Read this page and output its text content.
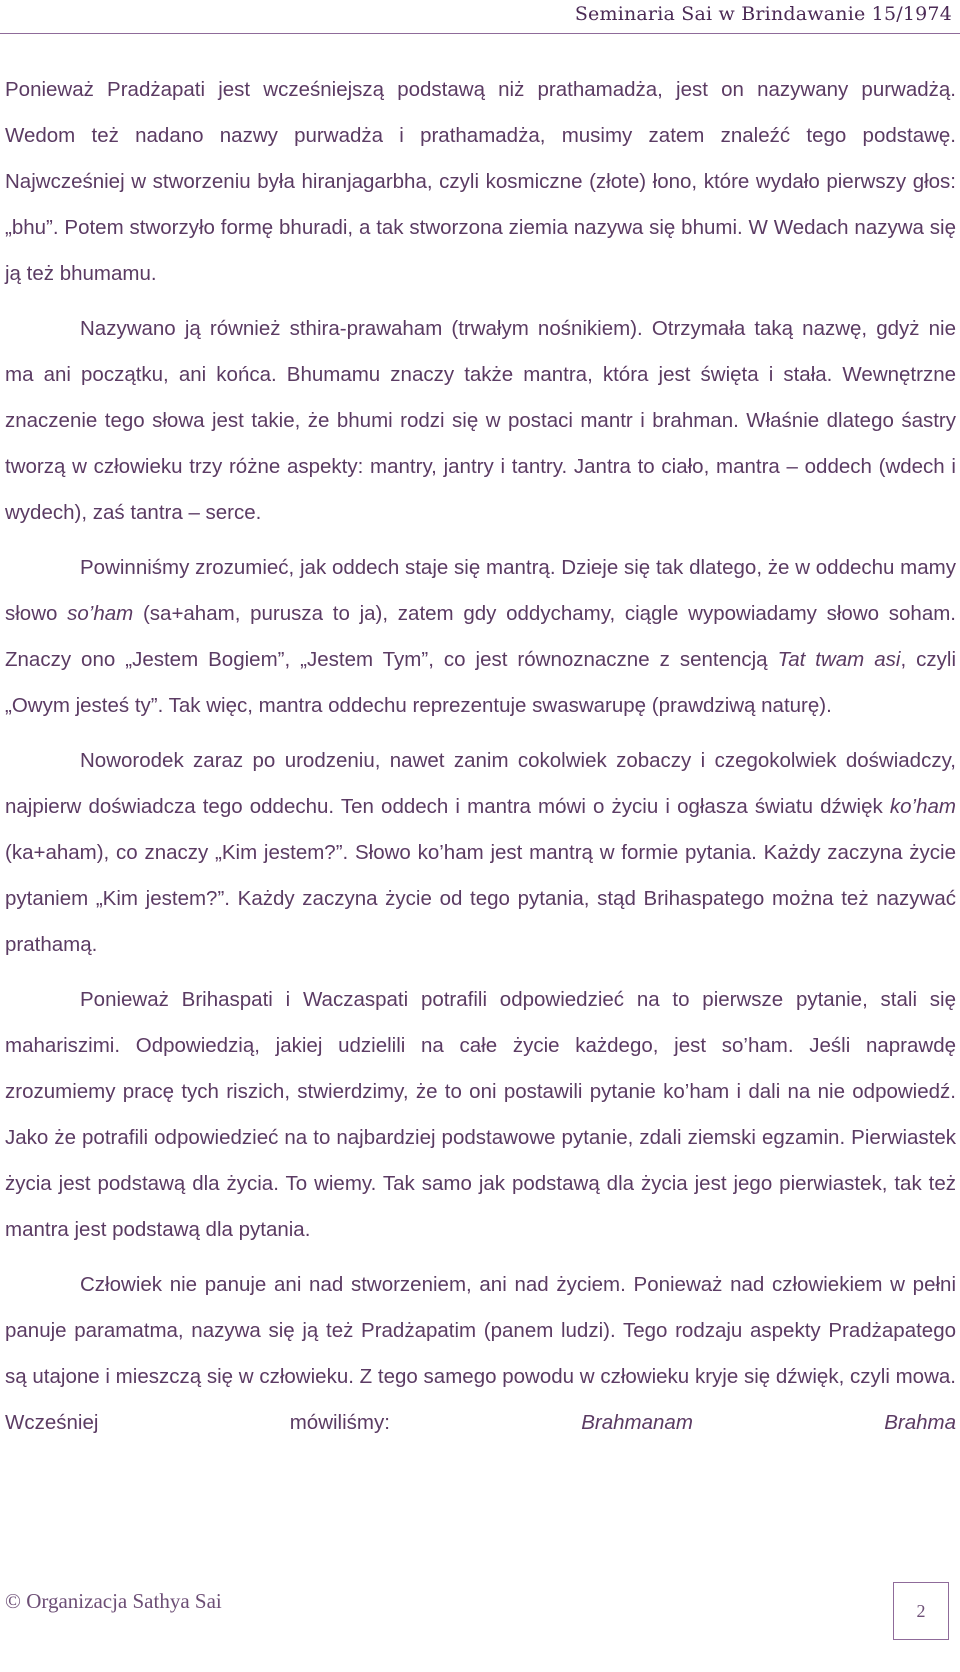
Seminaria Sai w Brindawanie 15/1974

Ponieważ Pradżapati jest wcześniejszą podstawą niż prathamadża, jest on nazywany purwadżą. Wedom też nadano nazwy purwadża i prathamadża, musimy zatem znaleźć tego podstawę. Najwcześniej w stworzeniu była hiranjagarbha, czyli kosmiczne (złote) łono, które wydało pierwszy głos: „bhu”. Potem stworzyło formę bhuradi, a tak stworzona ziemia nazywa się bhumi. W Wedach nazywa się ją też bhumamu.

Nazywano ją również sthira-prawaham (trwałym nośnikiem). Otrzymała taką nazwę, gdyż nie ma ani początku, ani końca. Bhumamu znaczy także mantra, która jest święta i stała. Wewnętrzne znaczenie tego słowa jest takie, że bhumi rodzi się w postaci mantr i brahman. Właśnie dlatego śastry tworzą w człowieku trzy różne aspekty: mantry, jantry i tantry. Jantra to ciało, mantra – oddech (wdech i wydech), zaś tantra – serce.

Powinniśmy zrozumieć, jak oddech staje się mantrą. Dzieje się tak dlatego, że w oddechu mamy słowo so’ham (sa+aham, purusza to ja), zatem gdy oddychamy, ciągle wypowiadamy słowo soham. Znaczy ono „Jestem Bogiem”, „Jestem Tym”, co jest równoznaczne z sentencją Tat twam asi, czyli „Owym jesteś ty”. Tak więc, mantra oddechu reprezentuje swaswarupę (prawdziwą naturę).

Noworodek zaraz po urodzeniu, nawet zanim cokolwiek zobaczy i czegokolwiek doświadczy, najpierw doświadcza tego oddechu. Ten oddech i mantra mówi o życiu i ogłasza światu dźwięk ko’ham (ka+aham), co znaczy „Kim jestem?”. Słowo ko’ham jest mantrą w formie pytania. Każdy zaczyna życie pytaniem „Kim jestem?”. Każdy zaczyna życie od tego pytania, stąd Brihaspatego można też nazywać prathamą.

Ponieważ Brihaspati i Waczaspati potrafili odpowiedzieć na to pierwsze pytanie, stali się mahariszimi. Odpowiedzią, jakiej udzielili na całe życie każdego, jest so’ham. Jeśli naprawdę zrozumiemy pracę tych riszich, stwierdzimy, że to oni postawili pytanie ko’ham i dali na nie odpowiedź. Jako że potrafili odpowiedzieć na to najbardziej podstawowe pytanie, zdali ziemski egzamin. Pierwiastek życia jest podstawą dla życia. To wiemy. Tak samo jak podstawą dla życia jest jego pierwiastek, tak też mantra jest podstawą dla pytania.

Człowiek nie panuje ani nad stworzeniem, ani nad życiem. Ponieważ nad człowiekiem w pełni panuje paramatma, nazywa się ją też Pradżapatim (panem ludzi). Tego rodzaju aspekty Pradżapatego są utajone i mieszczą się w człowieku. Z tego samego powodu w człowieku kryje się dźwięk, czyli mowa. Wcześniej mówiliśmy: Brahmanam Brahma

© Organizacja Sathya Sai	2
